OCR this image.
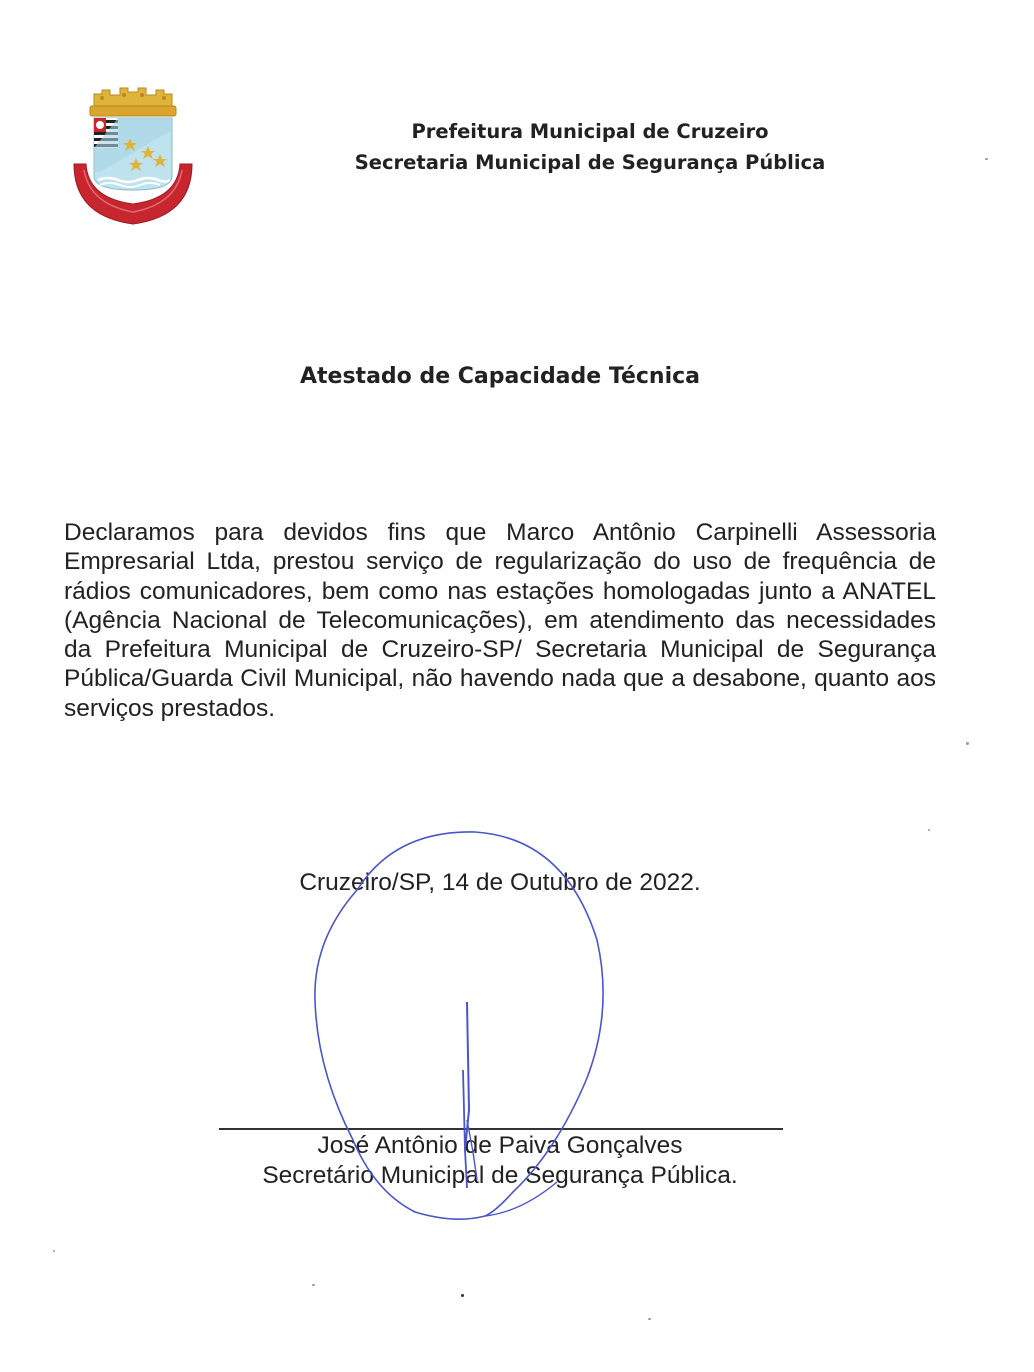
Prefeitura Municipal de Cruzeiro
Secretaria Municipal de Segurança Pública
Atestado de Capacidade Técnica

Declaramos para devidos fins que Marco Antônio Carpinelli Assessoria Empresarial Ltda, prestou serviço de regularização do uso de frequência de rádios comunicadores, bem como nas estações homologadas junto a ANATEL (Agência Nacional de Telecomunicações), em atendimento das necessidades da Prefeitura Municipal de Cruzeiro-SP/ Secretaria Municipal de Segurança Pública/Guarda Civil Municipal, não havendo nada que a desabone, quanto aos serviços prestados.

Cruzeiro/SP, 14 de Outubro de 2022.
José Antônio de Paiva Gonçalves
Secretário Municipal de Segurança Pública.
